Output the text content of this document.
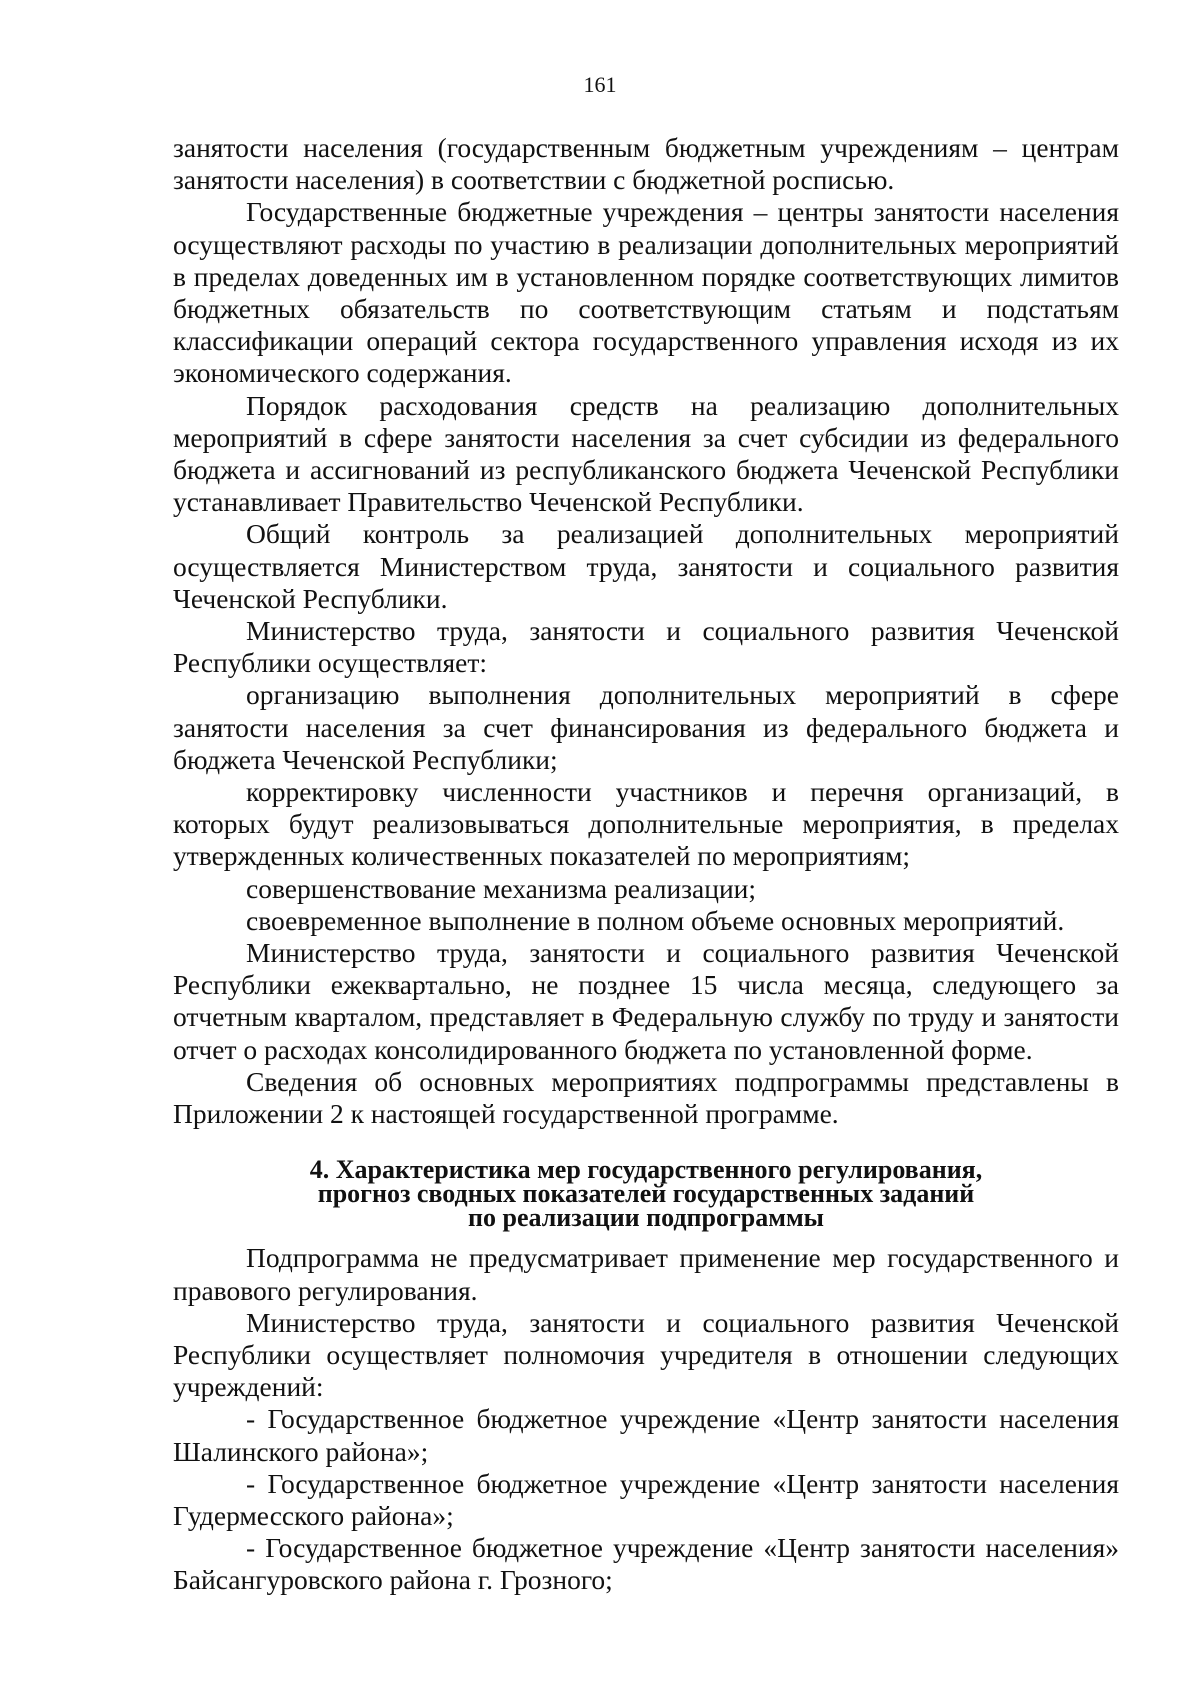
161

занятости населения (государственным бюджетным учреждениям – центрам занятости населения) в соответствии с бюджетной росписью.

Государственные бюджетные учреждения – центры занятости населения осуществляют расходы по участию в реализации дополнительных мероприятий в пределах доведенных им в установленном порядке соответствующих лимитов бюджетных обязательств по соответствующим статьям и подстатьям классификации операций сектора государственного управления исходя из их экономического содержания.

Порядок расходования средств на реализацию дополнительных мероприятий в сфере занятости населения за счет субсидии из федерального бюджета и ассигнований из республиканского бюджета Чеченской Республики устанавливает Правительство Чеченской Республики.

Общий контроль за реализацией дополнительных мероприятий осуществляется Министерством труда, занятости и социального развития Чеченской Республики.

Министерство труда, занятости и социального развития Чеченской Республики осуществляет:

организацию выполнения дополнительных мероприятий в сфере занятости населения за счет финансирования из федерального бюджета и бюджета Чеченской Республики;

корректировку численности участников и перечня организаций, в которых будут реализовываться дополнительные мероприятия, в пределах утвержденных количественных показателей по мероприятиям;

совершенствование механизма реализации;

своевременное выполнение в полном объеме основных мероприятий.

Министерство труда, занятости и социального развития Чеченской Республики ежеквартально, не позднее 15 числа месяца, следующего за отчетным кварталом, представляет в Федеральную службу по труду и занятости отчет о расходах консолидированного бюджета по установленной форме.

Сведения об основных мероприятиях подпрограммы представлены в Приложении 2 к настоящей государственной программе.

4. Характеристика мер государственного регулирования,
прогноз сводных показателей государственных заданий
по реализации подпрограммы

Подпрограмма не предусматривает применение мер государственного и правового регулирования.

Министерство труда, занятости и социального развития Чеченской Республики осуществляет полномочия учредителя в отношении следующих учреждений:

- Государственное бюджетное учреждение «Центр занятости населения Шалинского района»;

- Государственное бюджетное учреждение «Центр занятости населения Гудермесского района»;

- Государственное бюджетное учреждение «Центр занятости населения» Байсангуровского района г. Грозного;
